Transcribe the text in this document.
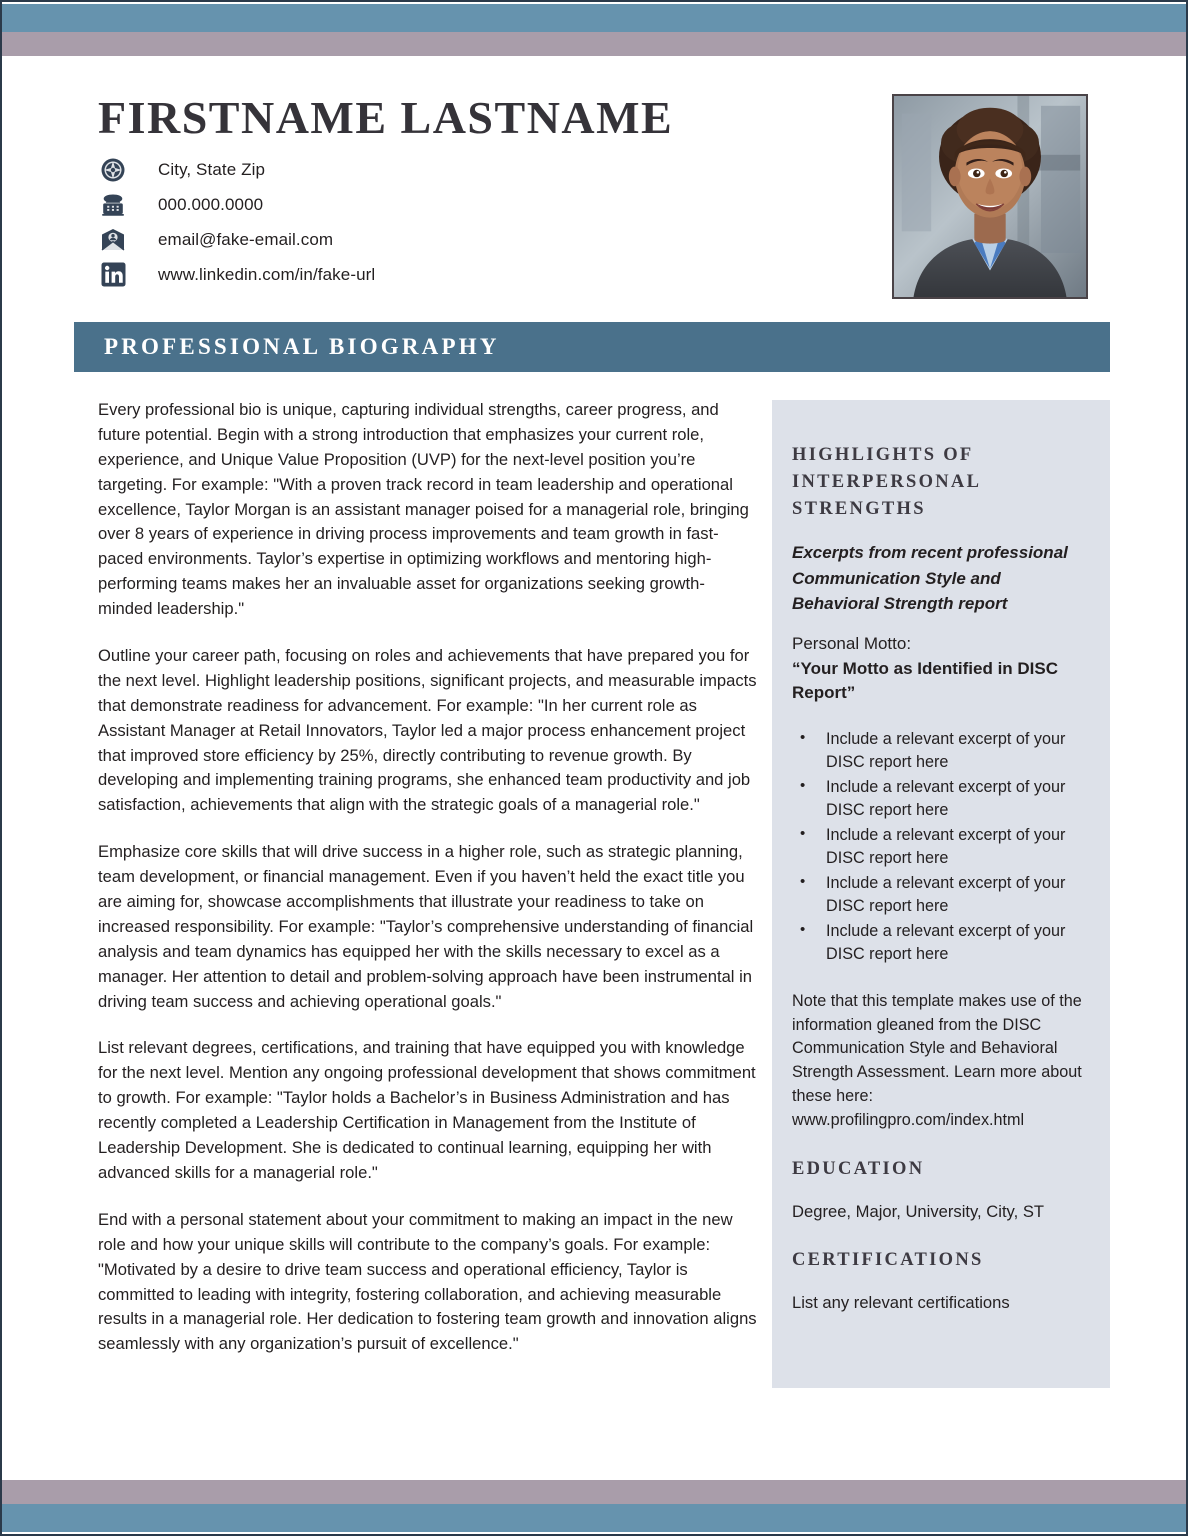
FIRSTNAME LASTNAME
City, State Zip
000.000.0000
email@fake-email.com
www.linkedin.com/in/fake-url
PROFESSIONAL BIOGRAPHY

Every professional bio is unique, capturing individual strengths, career progress, and future potential. Begin with a strong introduction that emphasizes your current role, experience, and Unique Value Proposition (UVP) for the next-level position you’re targeting. For example: "With a proven track record in team leadership and operational excellence, Taylor Morgan is an assistant manager poised for a managerial role, bringing over 8 years of experience in driving process improvements and team growth in fast-paced environments. Taylor’s expertise in optimizing workflows and mentoring high-performing teams makes her an invaluable asset for organizations seeking growth-minded leadership."

Outline your career path, focusing on roles and achievements that have prepared you for the next level. Highlight leadership positions, significant projects, and measurable impacts that demonstrate readiness for advancement. For example: "In her current role as Assistant Manager at Retail Innovators, Taylor led a major process enhancement project that improved store efficiency by 25%, directly contributing to revenue growth. By developing and implementing training programs, she enhanced team productivity and job satisfaction, achievements that align with the strategic goals of a managerial role."

Emphasize core skills that will drive success in a higher role, such as strategic planning, team development, or financial management. Even if you haven’t held the exact title you are aiming for, showcase accomplishments that illustrate your readiness to take on increased responsibility. For example: "Taylor’s comprehensive understanding of financial analysis and team dynamics has equipped her with the skills necessary to excel as a manager. Her attention to detail and problem-solving approach have been instrumental in driving team success and achieving operational goals."

List relevant degrees, certifications, and training that have equipped you with knowledge for the next level. Mention any ongoing professional development that shows commitment to growth. For example: "Taylor holds a Bachelor’s in Business Administration and has recently completed a Leadership Certification in Management from the Institute of Leadership Development. She is dedicated to continual learning, equipping her with advanced skills for a managerial role."

End with a personal statement about your commitment to making an impact in the new role and how your unique skills will contribute to the company’s goals. For example: "Motivated by a desire to drive team success and operational efficiency, Taylor is committed to leading with integrity, fostering collaboration, and achieving measurable results in a managerial role. Her dedication to fostering team growth and innovation aligns seamlessly with any organization’s pursuit of excellence."

HIGHLIGHTS OF INTERPERSONAL STRENGTHS
Excerpts from recent professional Communication Style and Behavioral Strength report
Personal Motto:
“Your Motto as Identified in DISC Report”
• Include a relevant excerpt of your DISC report here
• Include a relevant excerpt of your DISC report here
• Include a relevant excerpt of your DISC report here
• Include a relevant excerpt of your DISC report here
• Include a relevant excerpt of your DISC report here
Note that this template makes use of the information gleaned from the DISC Communication Style and Behavioral Strength Assessment. Learn more about these here: www.profilingpro.com/index.html
EDUCATION
Degree, Major, University, City, ST
CERTIFICATIONS
List any relevant certifications
